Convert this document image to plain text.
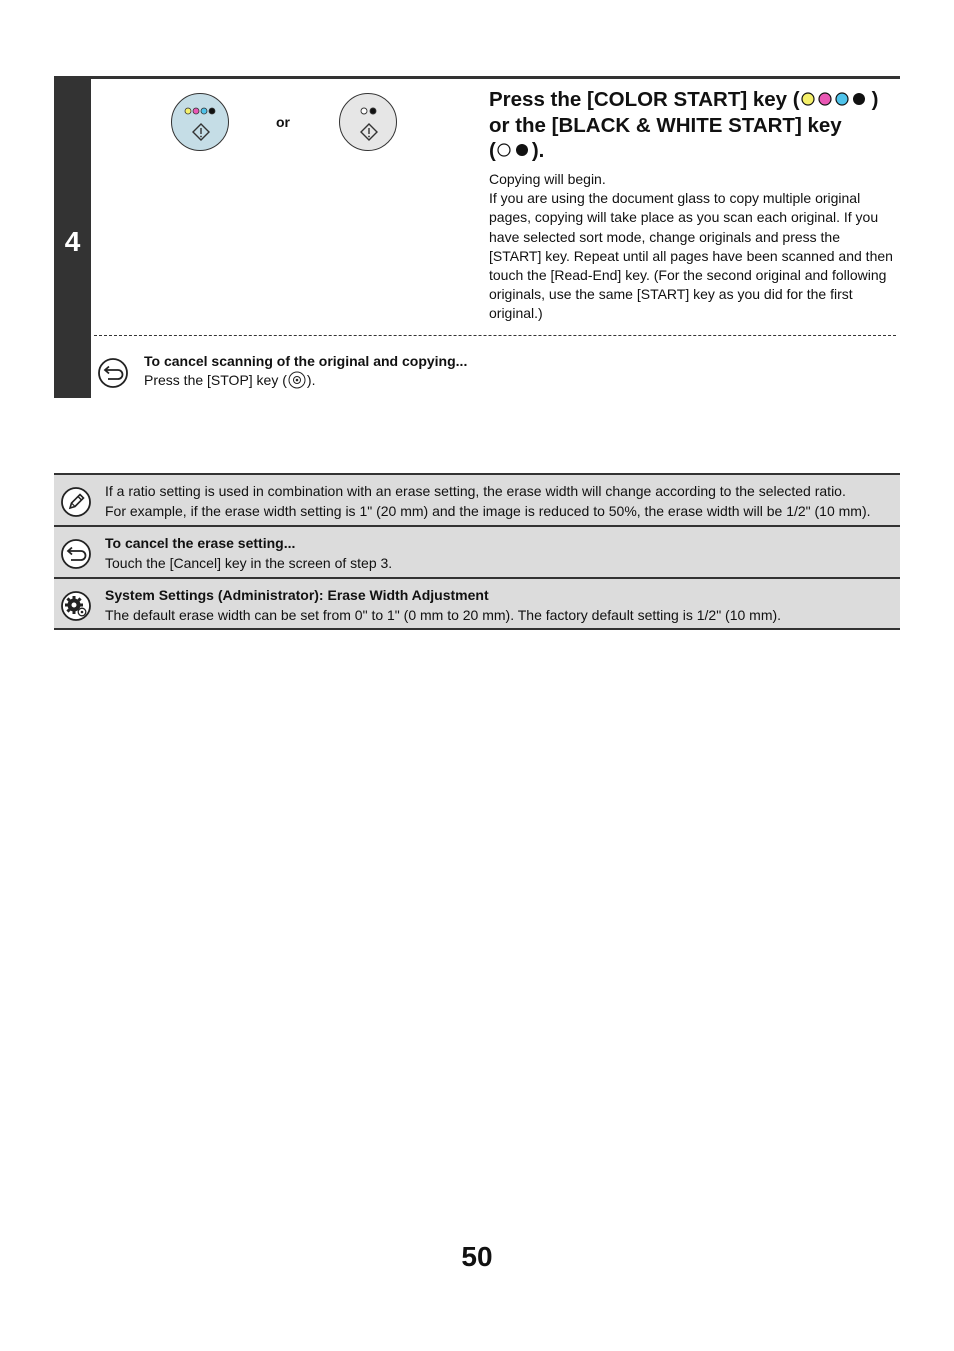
4
or
Press the [COLOR START] key (	)
or the [BLACK & WHITE START] key
( ).

Copying will begin.

If you are using the document glass to copy multiple original pages, copying will take place as you scan each original. If you have selected sort mode, change originals and press the [START] key. Repeat until all pages have been scanned and then touch the [Read-End] key. (For the second original and following originals, use the same [START] key as you did for the first original.)

To cancel scanning of the original and copying...
Press the [STOP] key ( ).
If a ratio setting is used in combination with an erase setting, the erase width will change according to the selected ratio.
For example, if the erase width setting is 1" (20 mm) and the image is reduced to 50%, the erase width will be 1/2" (10 mm).
To cancel the erase setting...
Touch the [Cancel] key in the screen of step 3.
System Settings (Administrator): Erase Width Adjustment
The default erase width can be set from 0" to 1" (0 mm to 20 mm). The factory default setting is 1/2" (10 mm).
50
